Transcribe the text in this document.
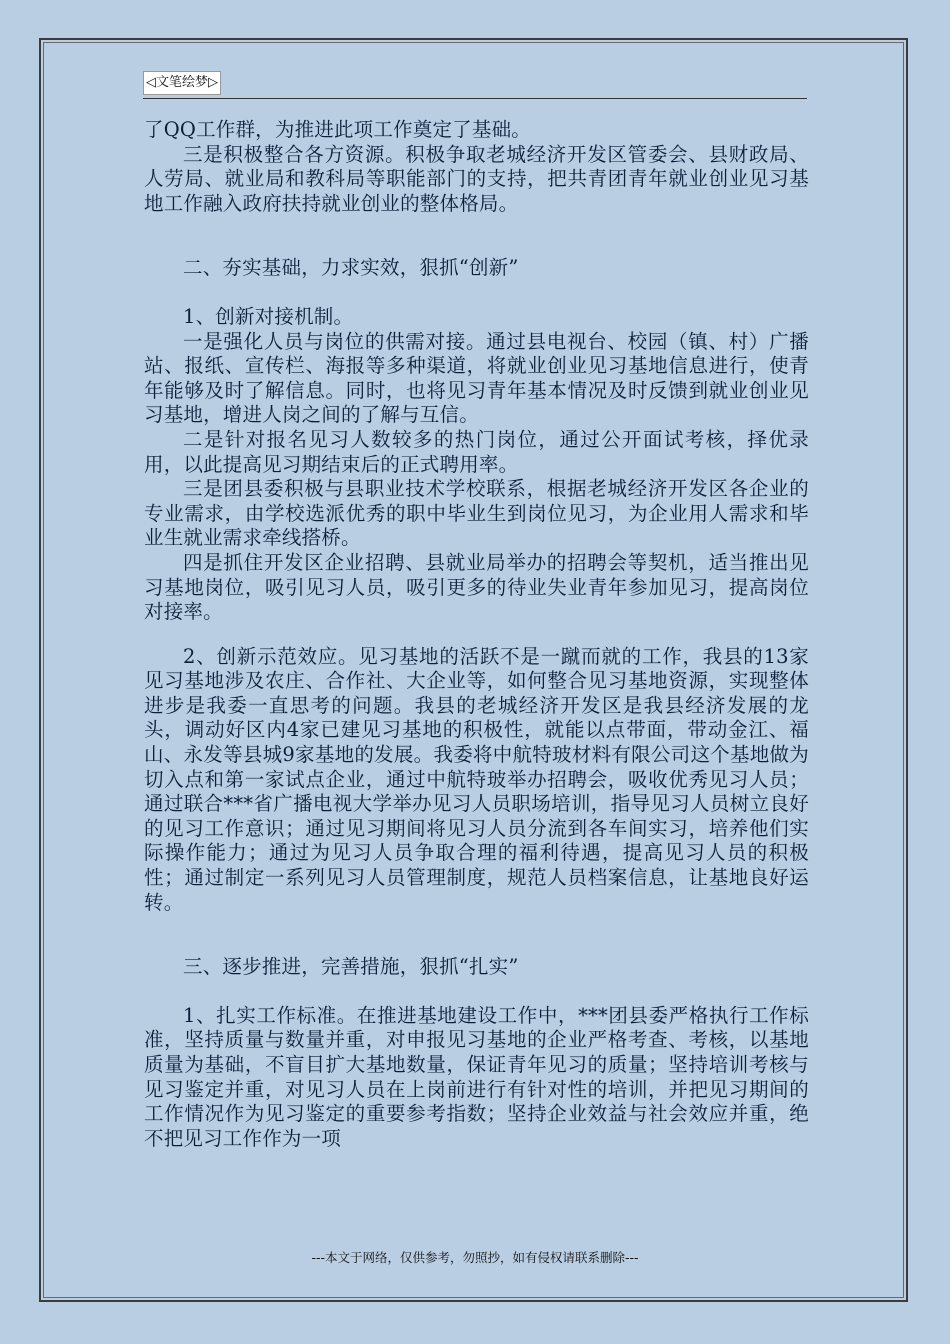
◁文笔绘梦▷

了QQ工作群，为推进此项工作奠定了基础。

三是积极整合各方资源。积极争取老城经济开发区管委会、县财政局、人劳局、就业局和教科局等职能部门的支持，把共青团青年就业创业见习基地工作融入政府扶持就业创业的整体格局。

二、夯实基础，力求实效，狠抓“创新”

1、创新对接机制。

一是强化人员与岗位的供需对接。通过县电视台、校园（镇、村）广播站、报纸、宣传栏、海报等多种渠道，将就业创业见习基地信息进行，使青年能够及时了解信息。同时，也将见习青年基本情况及时反馈到就业创业见习基地，增进人岗之间的了解与互信。

二是针对报名见习人数较多的热门岗位，通过公开面试考核，择优录用，以此提高见习期结束后的正式聘用率。

三是团县委积极与县职业技术学校联系，根据老城经济开发区各企业的专业需求，由学校选派优秀的职中毕业生到岗位见习，为企业用人需求和毕业生就业需求牵线搭桥。

四是抓住开发区企业招聘、县就业局举办的招聘会等契机，适当推出见习基地岗位，吸引见习人员，吸引更多的待业失业青年参加见习，提高岗位对接率。

2、创新示范效应。见习基地的活跃不是一蹴而就的工作，我县的13家见习基地涉及农庄、合作社、大企业等，如何整合见习基地资源，实现整体进步是我委一直思考的问题。我县的老城经济开发区是我县经济发展的龙头，调动好区内4家已建见习基地的积极性，就能以点带面，带动金江、福山、永发等县城9家基地的发展。我委将中航特玻材料有限公司这个基地做为切入点和第一家试点企业，通过中航特玻举办招聘会，吸收优秀见习人员；通过联合***省广播电视大学举办见习人员职场培训，指导见习人员树立良好的见习工作意识；通过见习期间将见习人员分流到各车间实习，培养他们实际操作能力；通过为见习人员争取合理的福利待遇，提高见习人员的积极性；通过制定一系列见习人员管理制度，规范人员档案信息，让基地良好运转。

三、逐步推进，完善措施，狠抓“扎实”

1、扎实工作标准。在推进基地建设工作中，***团县委严格执行工作标准，坚持质量与数量并重，对申报见习基地的企业严格考查、考核，以基地质量为基础，不盲目扩大基地数量，保证青年见习的质量；坚持培训考核与见习鉴定并重，对见习人员在上岗前进行有针对性的培训，并把见习期间的工作情况作为见习鉴定的重要参考指数；坚持企业效益与社会效应并重，绝不把见习工作作为一项

---本文于网络，仅供参考，勿照抄，如有侵权请联系删除---
